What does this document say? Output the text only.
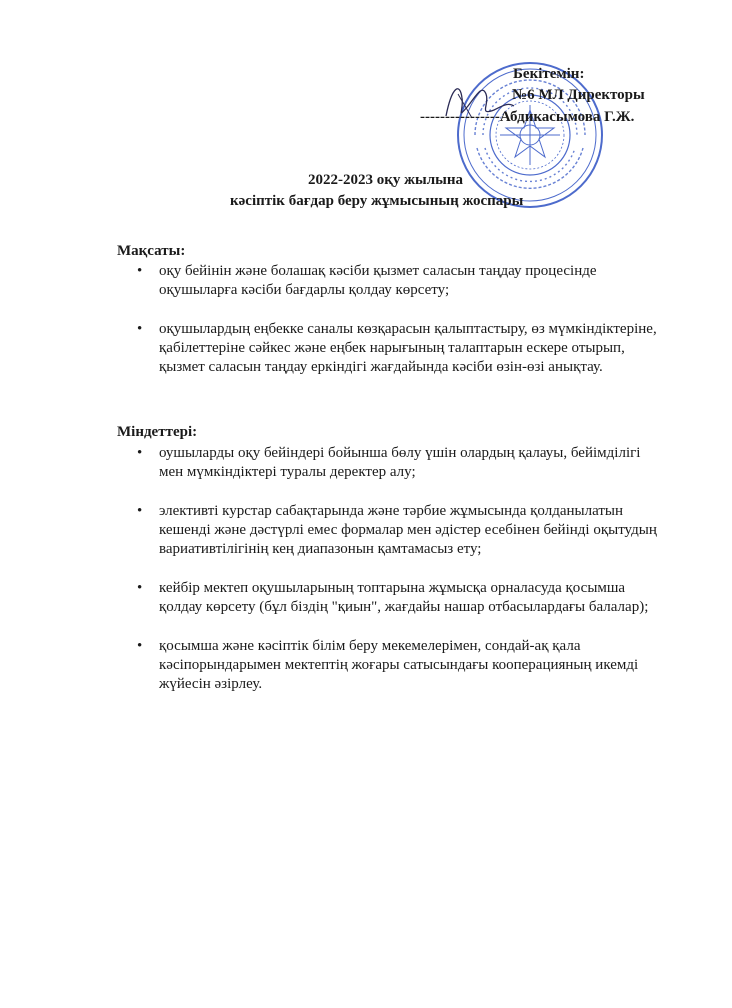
Бекітемін:
№6 МЛ Директоры
----------------Абдикасымова Г.Ж.
2022-2023 оқу жылына
кәсіптік бағдар беру жұмысының жоспары
Мақсаты:
• оқу бейінін және болашақ кәсіби қызмет саласын таңдау процесінде оқушыларға кәсіби бағдарлы қолдау көрсету;
• оқушылардың еңбекке саналы көзқарасын қалыптастыру, өз мүмкіндіктеріне, қабілеттеріне сәйкес және еңбек нарығының талаптарын ескере отырып, қызмет саласын таңдау еркіндігі жағдайында кәсіби өзін-өзі анықтау.
Міндеттері:
• оушыларды оқу бейіндері бойынша бөлу үшін олардың қалауы, бейімділігі мен мүмкіндіктері туралы деректер алу;
• элективті курстар сабақтарында және тәрбие жұмысында қолданылатын кешенді және дәстүрлі емес формалар мен әдістер есебінен бейінді оқытудың вариативтілігінің кең диапазонын қамтамасыз ету;
• кейбір мектеп оқушыларының топтарына жұмысқа орналасуда қосымша қолдау көрсету (бұл біздің "қиын", жағдайы нашар отбасылардағы балалар);
• қосымша және кәсіптік білім беру мекемелерімен, сондай-ақ қала кәсіпорындарымен мектептің жоғары сатысындағы кооперацияның икемді жүйесін әзірлеу.
